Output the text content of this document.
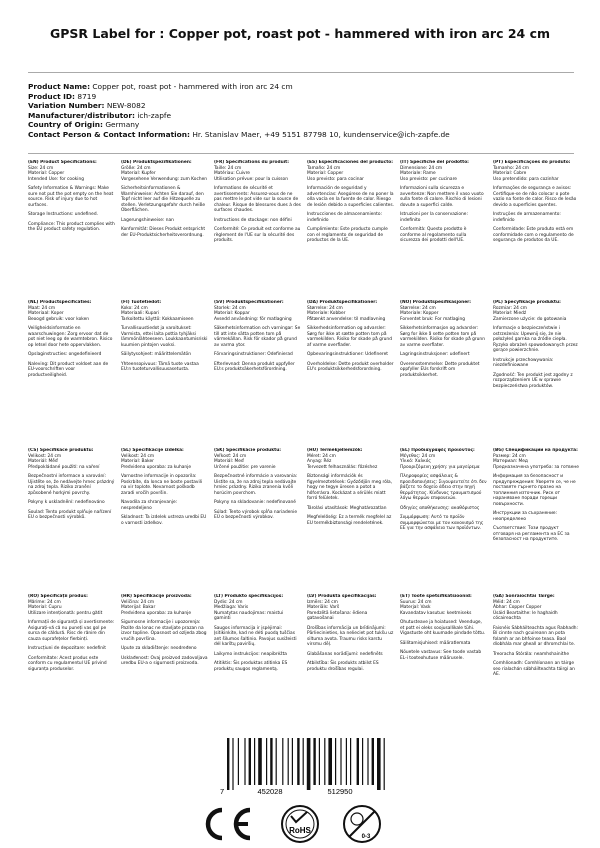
GPSR Label for : Copper pot, roast pot - hammered with iron arc 24 cm
Product Name: Copper pot, roast pot - hammered with iron arc 24 cm
Product ID: 8719
Variation Number: NEW-8082
Manufacturer/distributor: ich-zapfe
Country of Origin: Germany
Contact Person & Contact Information: Hr. Stanislav Maer, +49 5151 87798 10, kundenservice@ich-zapfe.de

(EN) Product Specifications:

Size: 24 cm

Material: Copper

Intended Use: for cooking

Safety Information & Warnings: Make sure not put the pot empty on the heat source. Risk of injury due to hot surfaces.

Storage Instructions: undefined.

Compliance: This product complies with the EU product safety regulation.

(DE) Produktspezifikationen:

Größe: 24 cm

Material: Kupfer

Vorgesehene Verwendung: zum Kochen

Sicherheitsinformationen & Warnhinweise: Achten Sie darauf, den Topf nicht leer auf die Hitzequelle zu stellen. Verletzungsgefahr durch heiße Oberflächen.

Lagerungshinweise: nan

Konformität: Dieses Produkt entspricht der EU-Produktsicherheitsverordnung.

(FR) Spécifications du produit:

Taille: 24 cm

Matériau: Cuivre

Utilisation prévue: pour la cuisson

Informations de sécurité et avertissements: Assurez-vous de ne pas mettre le pot vide sur la source de chaleur. Risque de blessures dues à des surfaces chaudes.

Instructions de stockage: non défini

Conformité: Ce produit est conforme au règlement de l'UE sur la sécurité des produits.

(ES) Especificaciones del producto:

Tamaño: 24 cm

Material: Copper

Uso previsto: para cocinar

Información de seguridad y advertencias: Asegúrese de no poner la olla vacía en la fuente de calor. Riesgo de lesión debido a superficies calientes.

Instrucciones de almacenamiento: indefinido

Cumplimiento: Este producto cumple con el reglamento de seguridad de productos de la UE.

(IT) Specifiche del prodotto:

Dimensione: 24 cm

Materiale: Rame

Uso previsto: per cucinare

Informazioni sulla sicurezza e avvertenze: Non mettere il vaso vuoto sulla fonte di calore. Rischio di lesioni dovute a superfici calde.

Istruzioni per la conservazione: indefinito

Conformità: Questo prodotto è conforme al regolamento sulla sicurezza dei prodotti dell'UE.

(PT) Especificações do produto:

Tamanho: 24 cm

Material: Cobre

Uso pretendido: para cozinhar

Informações de segurança e avisos: Certifique-se de não colocar o pote vazio na fonte de calor. Risco de lesão devido a superfícies quentes.

Instruções de armazenamento: indefinido

Conformidade: Este produto está em conformidade com o regulamento de segurança de produtos da UE.

(NL) Productspecificaties:

Maat: 24 cm

Materiaal: Koper

Beoogd gebruik: voor koken

Veiligheidsinformatie en waarschuwingen: Zorg ervoor dat de pot niet leeg op de warmtebron. Risico op letsel door hete oppervlakken.

Opslaginstructies: ongedefinieerd

Naleving: Dit product voldoet aan de EU-voorschriften voor productveiligheid.

(FI) Tuotetiedot:

Koko: 24 cm

Materiaali: Kupari

Tarkoitettu käyttö: Kokkaamiseen

Turvallisuustiedot ja varoitukset: Varmista, ettei laita pottia tyhjäksi lämmönlähteeseen. Loukkaantumisriski kuumien pintojen vuoksi.

Säilytysohjeet: määrittelemätön

Yhteensopivuus: Tämä tuote vastaa EU:n tuoteturvallisuusasetusta.

(SV) Produktspecifikationer:

Storlek: 24 cm

Material: Koppar

Avsedd användning: för matlagning

Säkerhetsinformation och varningar: Se till att inte sätta potten tom på värmekällan. Risk för skador på grund av varma ytor.

Förvaringsinstruktioner: Odefinierad

Efterlevnad: Denna produkt uppfyller EU:s produktsäkerhetsförordning.

(DA) Produktspecifikationer:

Størrelse: 24 cm

Materiale: Kobber

Påtænkt anvendelse: til madlavning

Sikkerhedsinformation og advarsler: Sørg for ikke at sætte potten tom på varmekilden. Risiko for skade på grund af varme overflader.

Opbevaringsinstruktioner: Udefineret

Overholdelse: Dette produkt overholder EU's produktsikkerhedsforordning.

(NO) Produktspesifikasjoner:

Størrelse: 24 cm

Materiale: Kopper

Forventet bruk: For matlaging

Sikkerhetsinformasjon og advarsler: Sørg for ikke å sette potten tom på varmekilden. Risiko for skade på grunn av varme overflater.

Lagringsinstruksjoner: udefinert

Overensstemmelse: Dette produktet oppfyller EUs forskrift om produktsikkerhet.

(PL) Specyfikacje produktu:

Rozmiar: 24 cm

Materiał: Miedź

Zamierzone użycie: do gotowania

Informacje o bezpieczeństwie i ostrzeżenia: Upewnij się, że nie położyłeś garnka na źródle ciepła. Ryzyko obrażeń spowodowanych przez gorące powierzchnie.

Instrukcje przechowywania: niezdefiniowane

Zgodność: Ten produkt jest zgodny z rozporządzeniem UE w sprawie bezpieczeństwa produktów.

(CS) Specifikace produktu:

Velikost: 24 cm

Materiál: Měď

Předpokládané použití: na vaření

Bezpečnostní informace a varování: Ujistěte se, že nedávejte hrnec prázdný na zdroj tepla. Riziko zranění způsobené horkými povrchy.

Pokyny k uskladnění: nedefinováno

Soulad: Tento produkt splňuje nařízení EU o bezpečnosti výrobků.

(SL) Specifikacije izdelka:

Velikost: 24 cm

Material: Baker

Predvidena uporaba: za kuhanje

Varnostne informacije in opozorila: Poskrbite, da lonca ne boste postavili na vir toplote. Nevarnost poškodb zaradi vročih površin.

Navodila za shranjevanje: nespredeljeno

Skladnost: Ta izdelek ustreza uredbi EU o varnosti izdelkov.

(SK) Špecifikácie produktu:

Veľkosť: 24 cm

Materiál: Meď

Určené použitie: pre varenie

Bezpečnostné informácie a varovania: Uistite sa, že na zdroj tepla nedávajte hrniec prázdny. Riziko zranenia kvôli horúcim povrchom.

Pokyny na skladovanie: nedefinované

Súlad: Tento výrobok spĺňa nariadenie EÚ o bezpečnosti výrobkov.

(HU) Termékjellemzők:

Méret: 24 cm

Anyag: Réz

Tervezett felhasználás: főzéshez

Biztonsági információk és figyelmeztetések: Győződjön meg róla, hogy ne tegye üresen a potot a hőforrásra. Kockázat a sérülés miatt forró felületek.

Tárolási utasítások: Meghatározatlan

Megfelelőség: Ez a termék megfelel az EU termékbiztonsági rendeletének.

(EL) Προδιαγραφές προϊόντος:

Μέγεθος: 24 cm

Υλικό: Χαλκός

Προοριζόμενη χρήση: για μαγείρεμα

Πληροφορίες ασφάλειας & προειδοποιήσεις: Σιγουρευτείτε ότι δεν βάζετε το δοχείο άδειο στην πηγή θερμότητας. Κίνδυνος τραυματισμού λόγω θερμών επιφανειών.

Οδηγίες αποθήκευσης: ακαθόριστος

Συμμόρφωση: Αυτό το προϊόν συμμορφώνεται με τον κανονισμό της ΕΕ για την ασφάλεια των προϊόντων.

(BG) Спецификации на продукта:

Размер: 24 cm

Материал: Мед

Предназначена употреба: за готвене

Информация за безопасност и предупреждения: Уверете се, че не поставяте гърнето празно на топлинния източник. Риск от нараняване поради горещи повърхности.

Инструкции за съхранение: неопределено

Съответствие: Този продукт отговаря на регламента на ЕС за безопасност на продуктите.

(RO) Specificații produs:

Mărime: 24 cm

Material: Cupru

Utilizare intenționată: pentru gătit

Informații de siguranță și avertismente: Asigurați-vă că nu puneți vas gol pe sursa de căldură. Risc de rănire din cauza suprafețelor fierbinți.

Instrucțiuni de depozitare: nedefinit

Conformitate: Acest produs este conform cu regulamentul UE privind siguranța produselor.

(HR) Specifikacije proizvoda:

Veličina: 24 cm

Materijal: Bakar

Predviđena uporaba: za kuhanje

Sigurnosne informacije i upozorenja: Pazite da lonac ne stavljate prazan na izvor topline. Opasnost od ozljeda zbog vrućih površina.

Upute za skladištenje: neodređeno

Usklađenost: Ovaj proizvod zadovoljava uredbu EU-a o sigurnosti proizvoda.

(LT) Produkto specifikacijos:

Dydis: 24 cm

Medžiaga: Varis

Numatytas naudojimas: maistui gaminti

Saugos informacija ir įspėjimai: Įsitikinkite, kad ne dėti puodą tuščias ant šilumos šaltinio. Pavojus susižeisti dėl karštų paviršių.

Laikymo instrukcijos: neapibrėžta

Atitiktis: Šis produktas atitinka ES produktų saugos reglamentą.

(LV) Produkta specifikācijas:

Izmērs: 24 cm

Materiāls: Varš

Paredzētā lietošana: ēdiena gatavošanai

Drošības informācija un brīdinājumi: Pārliecinieties, ka nelieciet pot tukšu uz siltuma avota. Traumu risks karstu virsmu dēļ.

Glabāšanas norādījumi: nedefinēts

Atbilstība: Šis produkts atbilst ES produktu drošības regulai.

(ET) Toote spetsifikatsioonid:

Suurus: 24 cm

Materjal: Vask

Kavandatav kasutus: keetmiseks

Ohutusteave ja hoiatused: Veenduge, et pott ei oleks soojusallikale tühi. Vigastuste oht kuumade pindade tõttu.

Säilitamisjuhised: määratlemata

Nõuetele vastavus: See toode vastab EL-i tooteohutuse määrusele.

(GA) Sonraíochtaí Táirge:

Méid: 24 cm

Ábhar: Copper Copper

Úsáid Beartaithe: le haghaidh cócaireachta

Faisnéis Sábháilteachta agus Rabhadh: Bí cinnte nach gcuireann an pota folamh ar an bhfoinse teasa. Baol díobhála mar gheall ar dhromchlaí te.

Treoracha Stórála: neamhshainithe

Comhlíonadh: Comhlíonann an táirge seo rialachán sábháilteachta táirgí an AE.

7	452028	512950
RoHS
0-3
